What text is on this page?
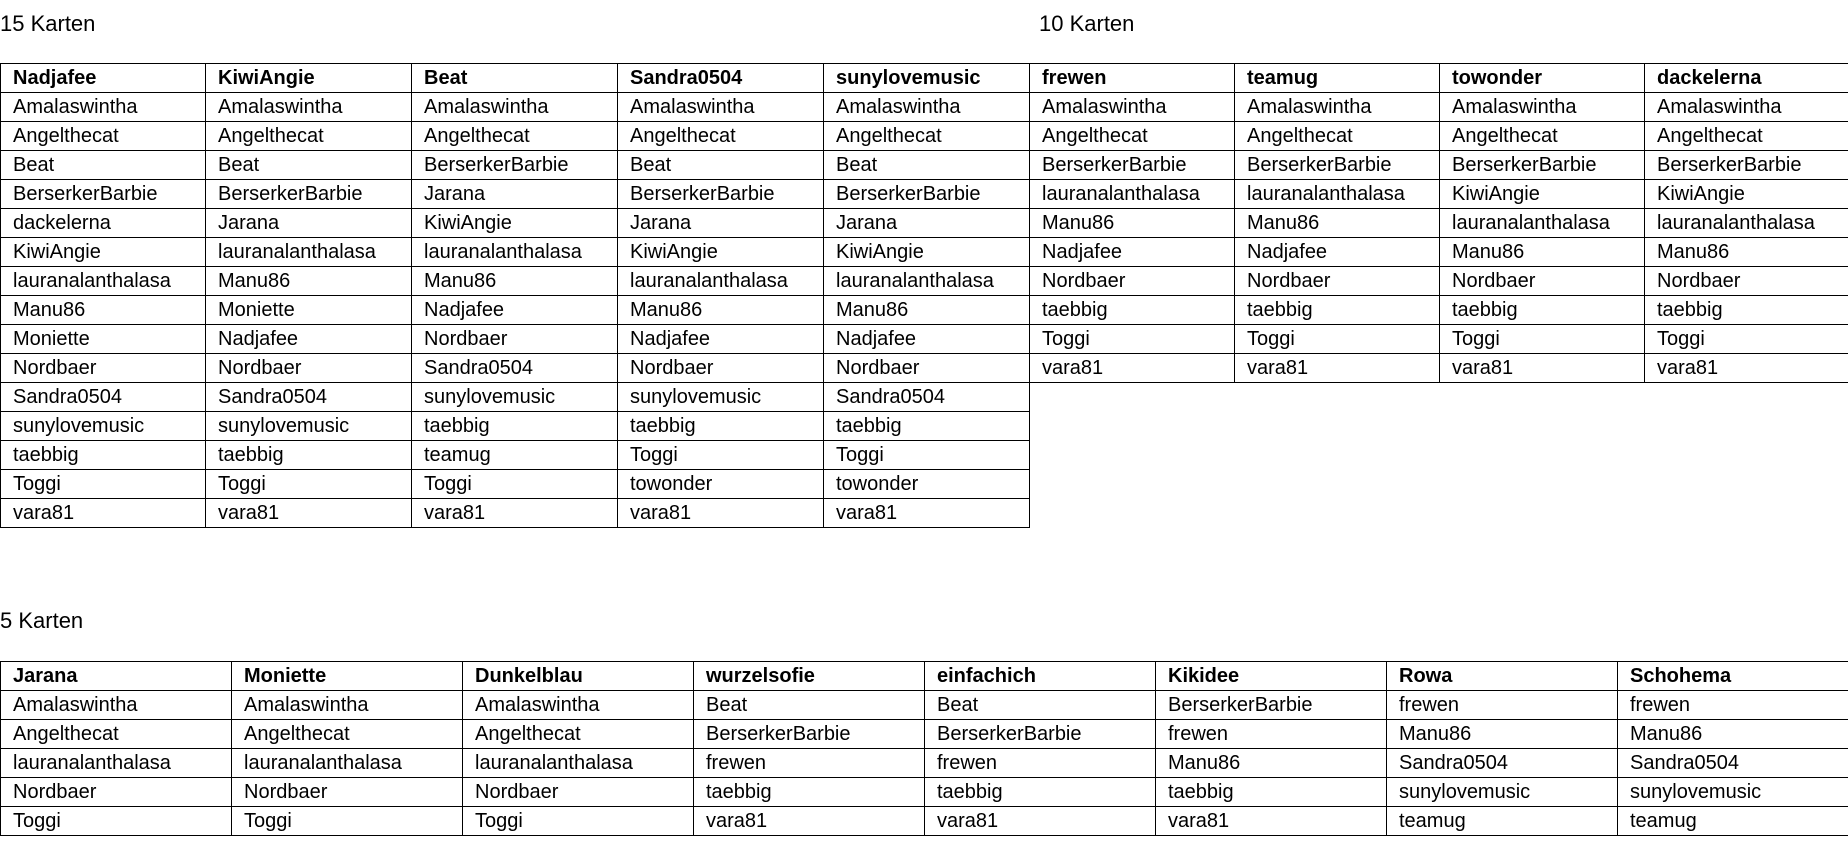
15 Karten	10 Karten
5 Karten
Nadjafee	KiwiAngie	Beat	Sandra0504	sunylovemusic
Amalaswintha	Amalaswintha	Amalaswintha	Amalaswintha	Amalaswintha
Angelthecat	Angelthecat	Angelthecat	Angelthecat	Angelthecat
Beat	Beat	BerserkerBarbie	Beat	Beat
BerserkerBarbie	BerserkerBarbie	Jarana	BerserkerBarbie	BerserkerBarbie
dackelerna	Jarana	KiwiAngie	Jarana	Jarana
KiwiAngie	lauranalanthalasa	lauranalanthalasa	KiwiAngie	KiwiAngie
lauranalanthalasa	Manu86	Manu86	lauranalanthalasa	lauranalanthalasa
Manu86	Moniette	Nadjafee	Manu86	Manu86
Moniette	Nadjafee	Nordbaer	Nadjafee	Nadjafee
Nordbaer	Nordbaer	Sandra0504	Nordbaer	Nordbaer
Sandra0504	Sandra0504	sunylovemusic	sunylovemusic	Sandra0504
sunylovemusic	sunylovemusic	taebbig	taebbig	taebbig
taebbig	taebbig	teamug	Toggi	Toggi
Toggi	Toggi	Toggi	towonder	towonder
vara81	vara81	vara81	vara81	vara81
frewen	teamug	towonder	dackelerna
Amalaswintha	Amalaswintha	Amalaswintha	Amalaswintha
Angelthecat	Angelthecat	Angelthecat	Angelthecat
BerserkerBarbie	BerserkerBarbie	BerserkerBarbie	BerserkerBarbie
lauranalanthalasa	lauranalanthalasa	KiwiAngie	KiwiAngie
Manu86	Manu86	lauranalanthalasa	lauranalanthalasa
Nadjafee	Nadjafee	Manu86	Manu86
Nordbaer	Nordbaer	Nordbaer	Nordbaer
taebbig	taebbig	taebbig	taebbig
Toggi	Toggi	Toggi	Toggi
vara81	vara81	vara81	vara81
Jarana	Moniette	Dunkelblau	wurzelsofie	einfachich	Kikidee	Rowa	Schohema
Amalaswintha	Amalaswintha	Amalaswintha	Beat	Beat	BerserkerBarbie	frewen	frewen
Angelthecat	Angelthecat	Angelthecat	BerserkerBarbie	BerserkerBarbie	frewen	Manu86	Manu86
lauranalanthalasa	lauranalanthalasa	lauranalanthalasa	frewen	frewen	Manu86	Sandra0504	Sandra0504
Nordbaer	Nordbaer	Nordbaer	taebbig	taebbig	taebbig	sunylovemusic	sunylovemusic
Toggi	Toggi	Toggi	vara81	vara81	vara81	teamug	teamug
